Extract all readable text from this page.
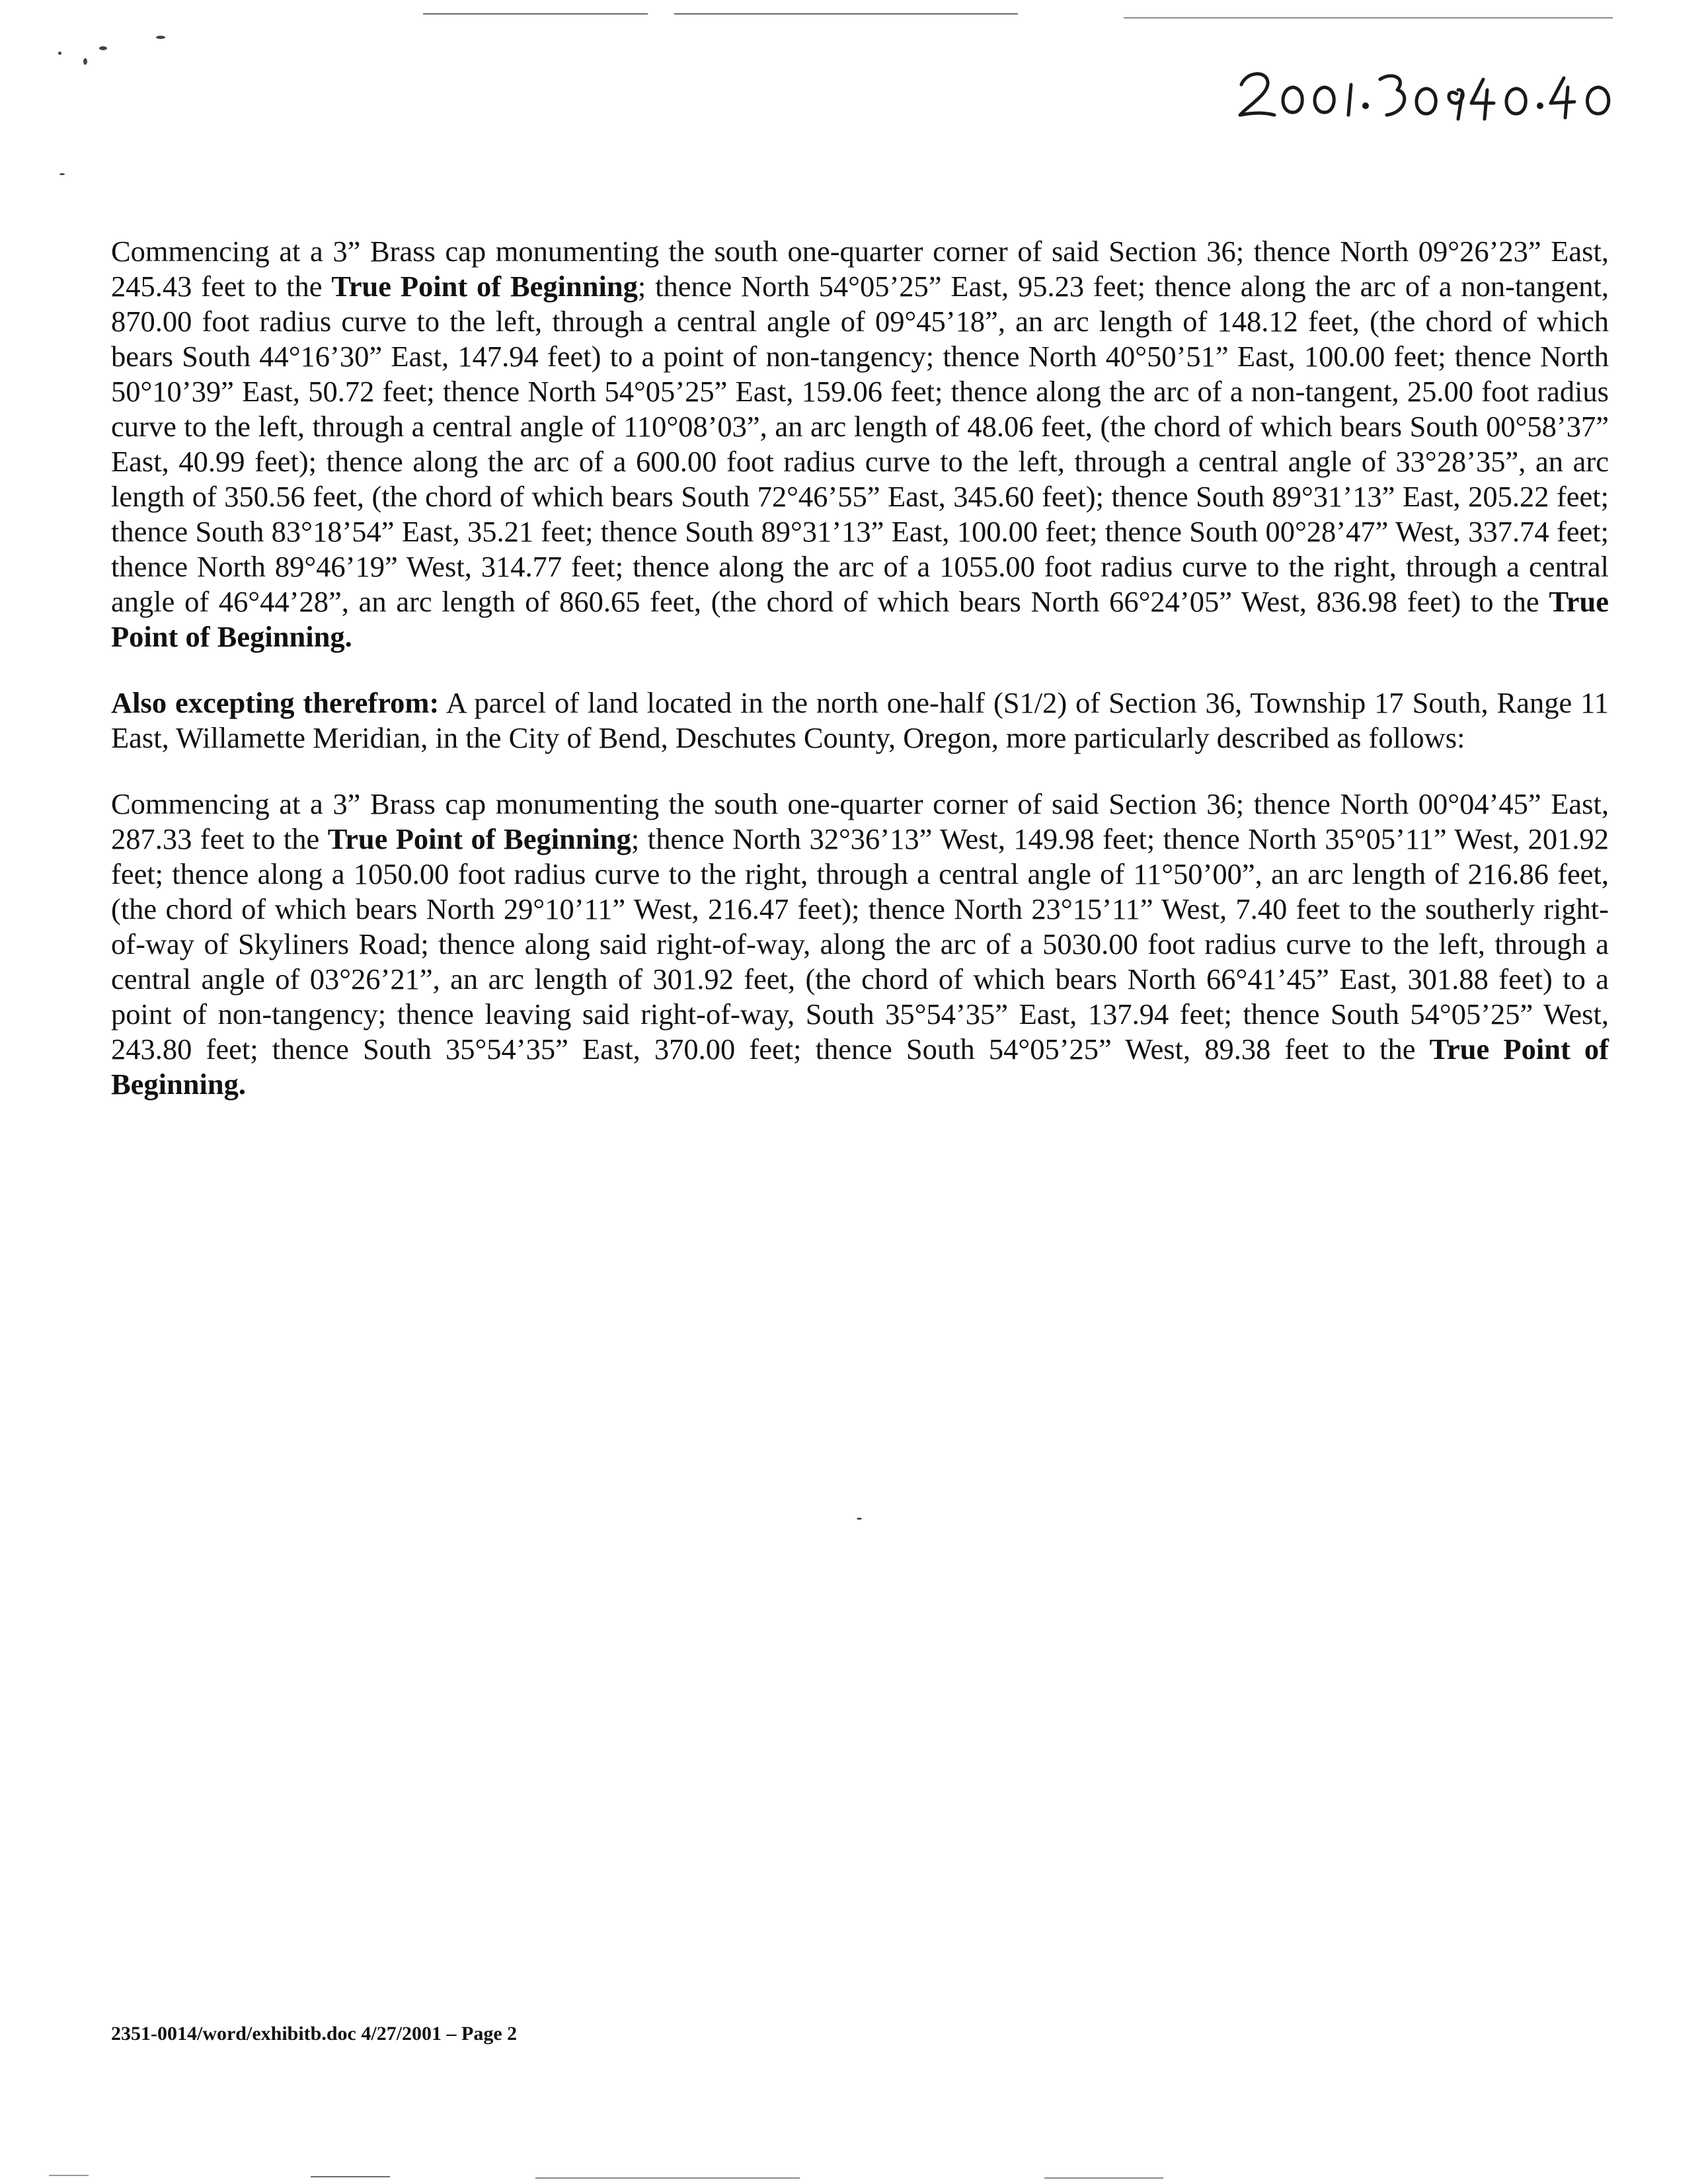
Commencing at a 3” Brass cap monumenting the south one-quarter corner of said Section 36; thence North 09°26’23” East, 245.43 feet to the True Point of Beginning; thence North 54°05’25” East, 95.23 feet; thence along the arc of a non-tangent, 870.00 foot radius curve to the left, through a central angle of 09°45’18”, an arc length of 148.12 feet, (the chord of which bears South 44°16’30” East, 147.94 feet) to a point of non-tangency; thence North 40°50’51” East, 100.00 feet; thence North 50°10’39” East, 50.72 feet; thence North 54°05’25” East, 159.06 feet; thence along the arc of a non-tangent, 25.00 foot radius curve to the left, through a central angle of 110°08’03”, an arc length of 48.06 feet, (the chord of which bears South 00°58’37” East, 40.99 feet); thence along the arc of a 600.00 foot radius curve to the left, through a central angle of 33°28’35”, an arc length of 350.56 feet, (the chord of which bears South 72°46’55” East, 345.60 feet); thence South 89°31’13” East, 205.22 feet; thence South 83°18’54” East, 35.21 feet; thence South 89°31’13” East, 100.00 feet; thence South 00°28’47” West, 337.74 feet; thence North 89°46’19” West, 314.77 feet; thence along the arc of a 1055.00 foot radius curve to the right, through a central angle of 46°44’28”, an arc length of 860.65 feet, (the chord of which bears North 66°24’05” West, 836.98 feet) to the True Point of Beginning.

Also excepting therefrom: A parcel of land located in the north one-half (S1/2) of Section 36, Township 17 South, Range 11 East, Willamette Meridian, in the City of Bend, Deschutes County, Oregon, more particularly described as follows:

Commencing at a 3” Brass cap monumenting the south one-quarter corner of said Section 36; thence North 00°04’45” East, 287.33 feet to the True Point of Beginning; thence North 32°36’13” West, 149.98 feet; thence North 35°05’11” West, 201.92 feet; thence along a 1050.00 foot radius curve to the right, through a central angle of 11°50’00”, an arc length of 216.86 feet, (the chord of which bears North 29°10’11” West, 216.47 feet); thence North 23°15’11” West, 7.40 feet to the southerly right-of-way of Skyliners Road; thence along said right-of-way, along the arc of a 5030.00 foot radius curve to the left, through a central angle of 03°26’21”, an arc length of 301.92 feet, (the chord of which bears North 66°41’45” East, 301.88 feet) to a point of non-tangency; thence leaving said right-of-way, South 35°54’35” East, 137.94 feet; thence South 54°05’25” West, 243.80 feet; thence South 35°54’35” East, 370.00 feet; thence South 54°05’25” West, 89.38 feet to the True Point of Beginning.

2351-0014/word/exhibitb.doc 4/27/2001 – Page 2
